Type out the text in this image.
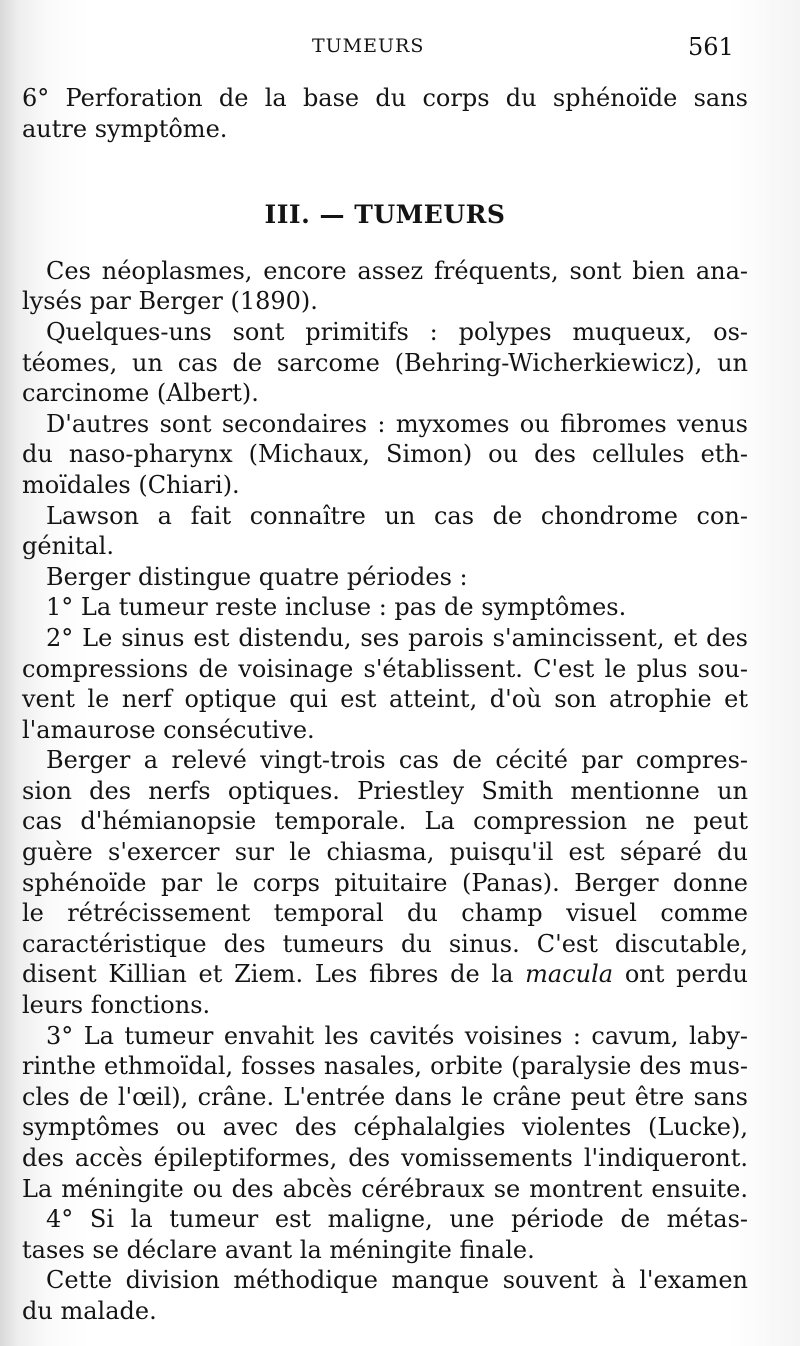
TUMEURS	561
6° Perforation de la base du corps du sphénoïde sans
autre symptôme.
III. — TUMEURS
Ces néoplasmes, encore assez fréquents, sont bien ana-
lysés par Berger (1890).
Quelques-uns sont primitifs : polypes muqueux, os-
téomes, un cas de sarcome (Behring-Wicherkiewicz), un
carcinome (Albert).
D'autres sont secondaires : myxomes ou fibromes venus
du naso-pharynx (Michaux, Simon) ou des cellules eth-
moïdales (Chiari).
Lawson a fait connaître un cas de chondrome con-
génital.
Berger distingue quatre périodes :
1° La tumeur reste incluse : pas de symptômes.
2° Le sinus est distendu, ses parois s'amincissent, et des
compressions de voisinage s'établissent. C'est le plus sou-
vent le nerf optique qui est atteint, d'où son atrophie et
l'amaurose consécutive.
Berger a relevé vingt-trois cas de cécité par compres-
sion des nerfs optiques. Priestley Smith mentionne un
cas d'hémianopsie temporale. La compression ne peut
guère s'exercer sur le chiasma, puisqu'il est séparé du
sphénoïde par le corps pituitaire (Panas). Berger donne
le rétrécissement temporal du champ visuel comme
caractéristique des tumeurs du sinus. C'est discutable,
disent Killian et Ziem. Les fibres de la macula ont perdu
leurs fonctions.
3° La tumeur envahit les cavités voisines : cavum, laby-
rinthe ethmoïdal, fosses nasales, orbite (paralysie des mus-
cles de l'œil), crâne. L'entrée dans le crâne peut être sans
symptômes ou avec des céphalalgies violentes (Lucke),
des accès épileptiformes, des vomissements l'indiqueront.
La méningite ou des abcès cérébraux se montrent ensuite.
4° Si la tumeur est maligne, une période de métas-
tases se déclare avant la méningite finale.
Cette division méthodique manque souvent à l'examen
du malade.
